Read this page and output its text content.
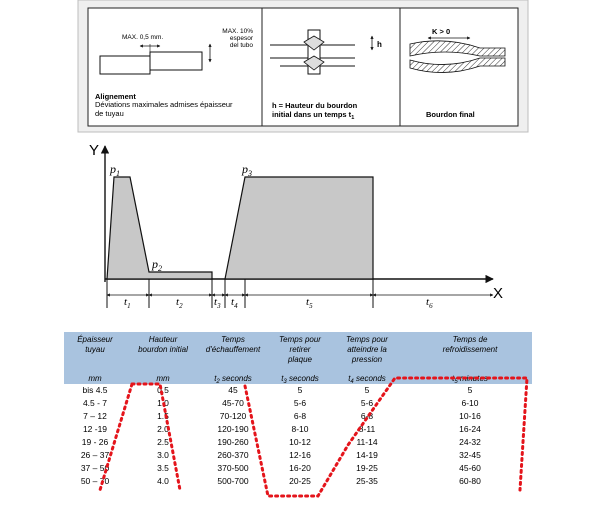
MAX. 0,5 mm.
MAX. 10%
espesor
del tubo
Alignement
Déviations maximales admises épaisseur
de tuyau
h
h = Hauteur du bourdon
initial dans un temps $t_1$
K > 0
Bourdon final
Y
X
$p_1$
$p_2$
$p_3$
$t_1$	$t_2$	$t_3$ $t_4$	$t_5$	$t_6$
Épaisseur
tuyau
mm
Hauteur
bourdon initial
mm
Temps
d'échauffement
$t_2$ seconds
Temps pour
retirer
plaque
$t_3$ seconds
Temps pour
atteindre la
pression
$t_4$ seconds
Temps de
refroidissement
$t_5$ minutes
bis 4.5	0.5	45	5	5	5
4.5 - 7	1.0	45-70	5-6	5-6	6-10
7 – 12	1.5	70-120	6-8	6-8	10-16
12 -19	2.0	120-190	8-10	8-11	16-24
19 - 26	2.5	190-260	10-12	11-14	24-32
26 – 37	3.0	260-370	12-16	14-19	32-45
37 – 50	3.5	370-500	16-20	19-25	45-60
50 – 70	4.0	500-700	20-25	25-35	60-80
